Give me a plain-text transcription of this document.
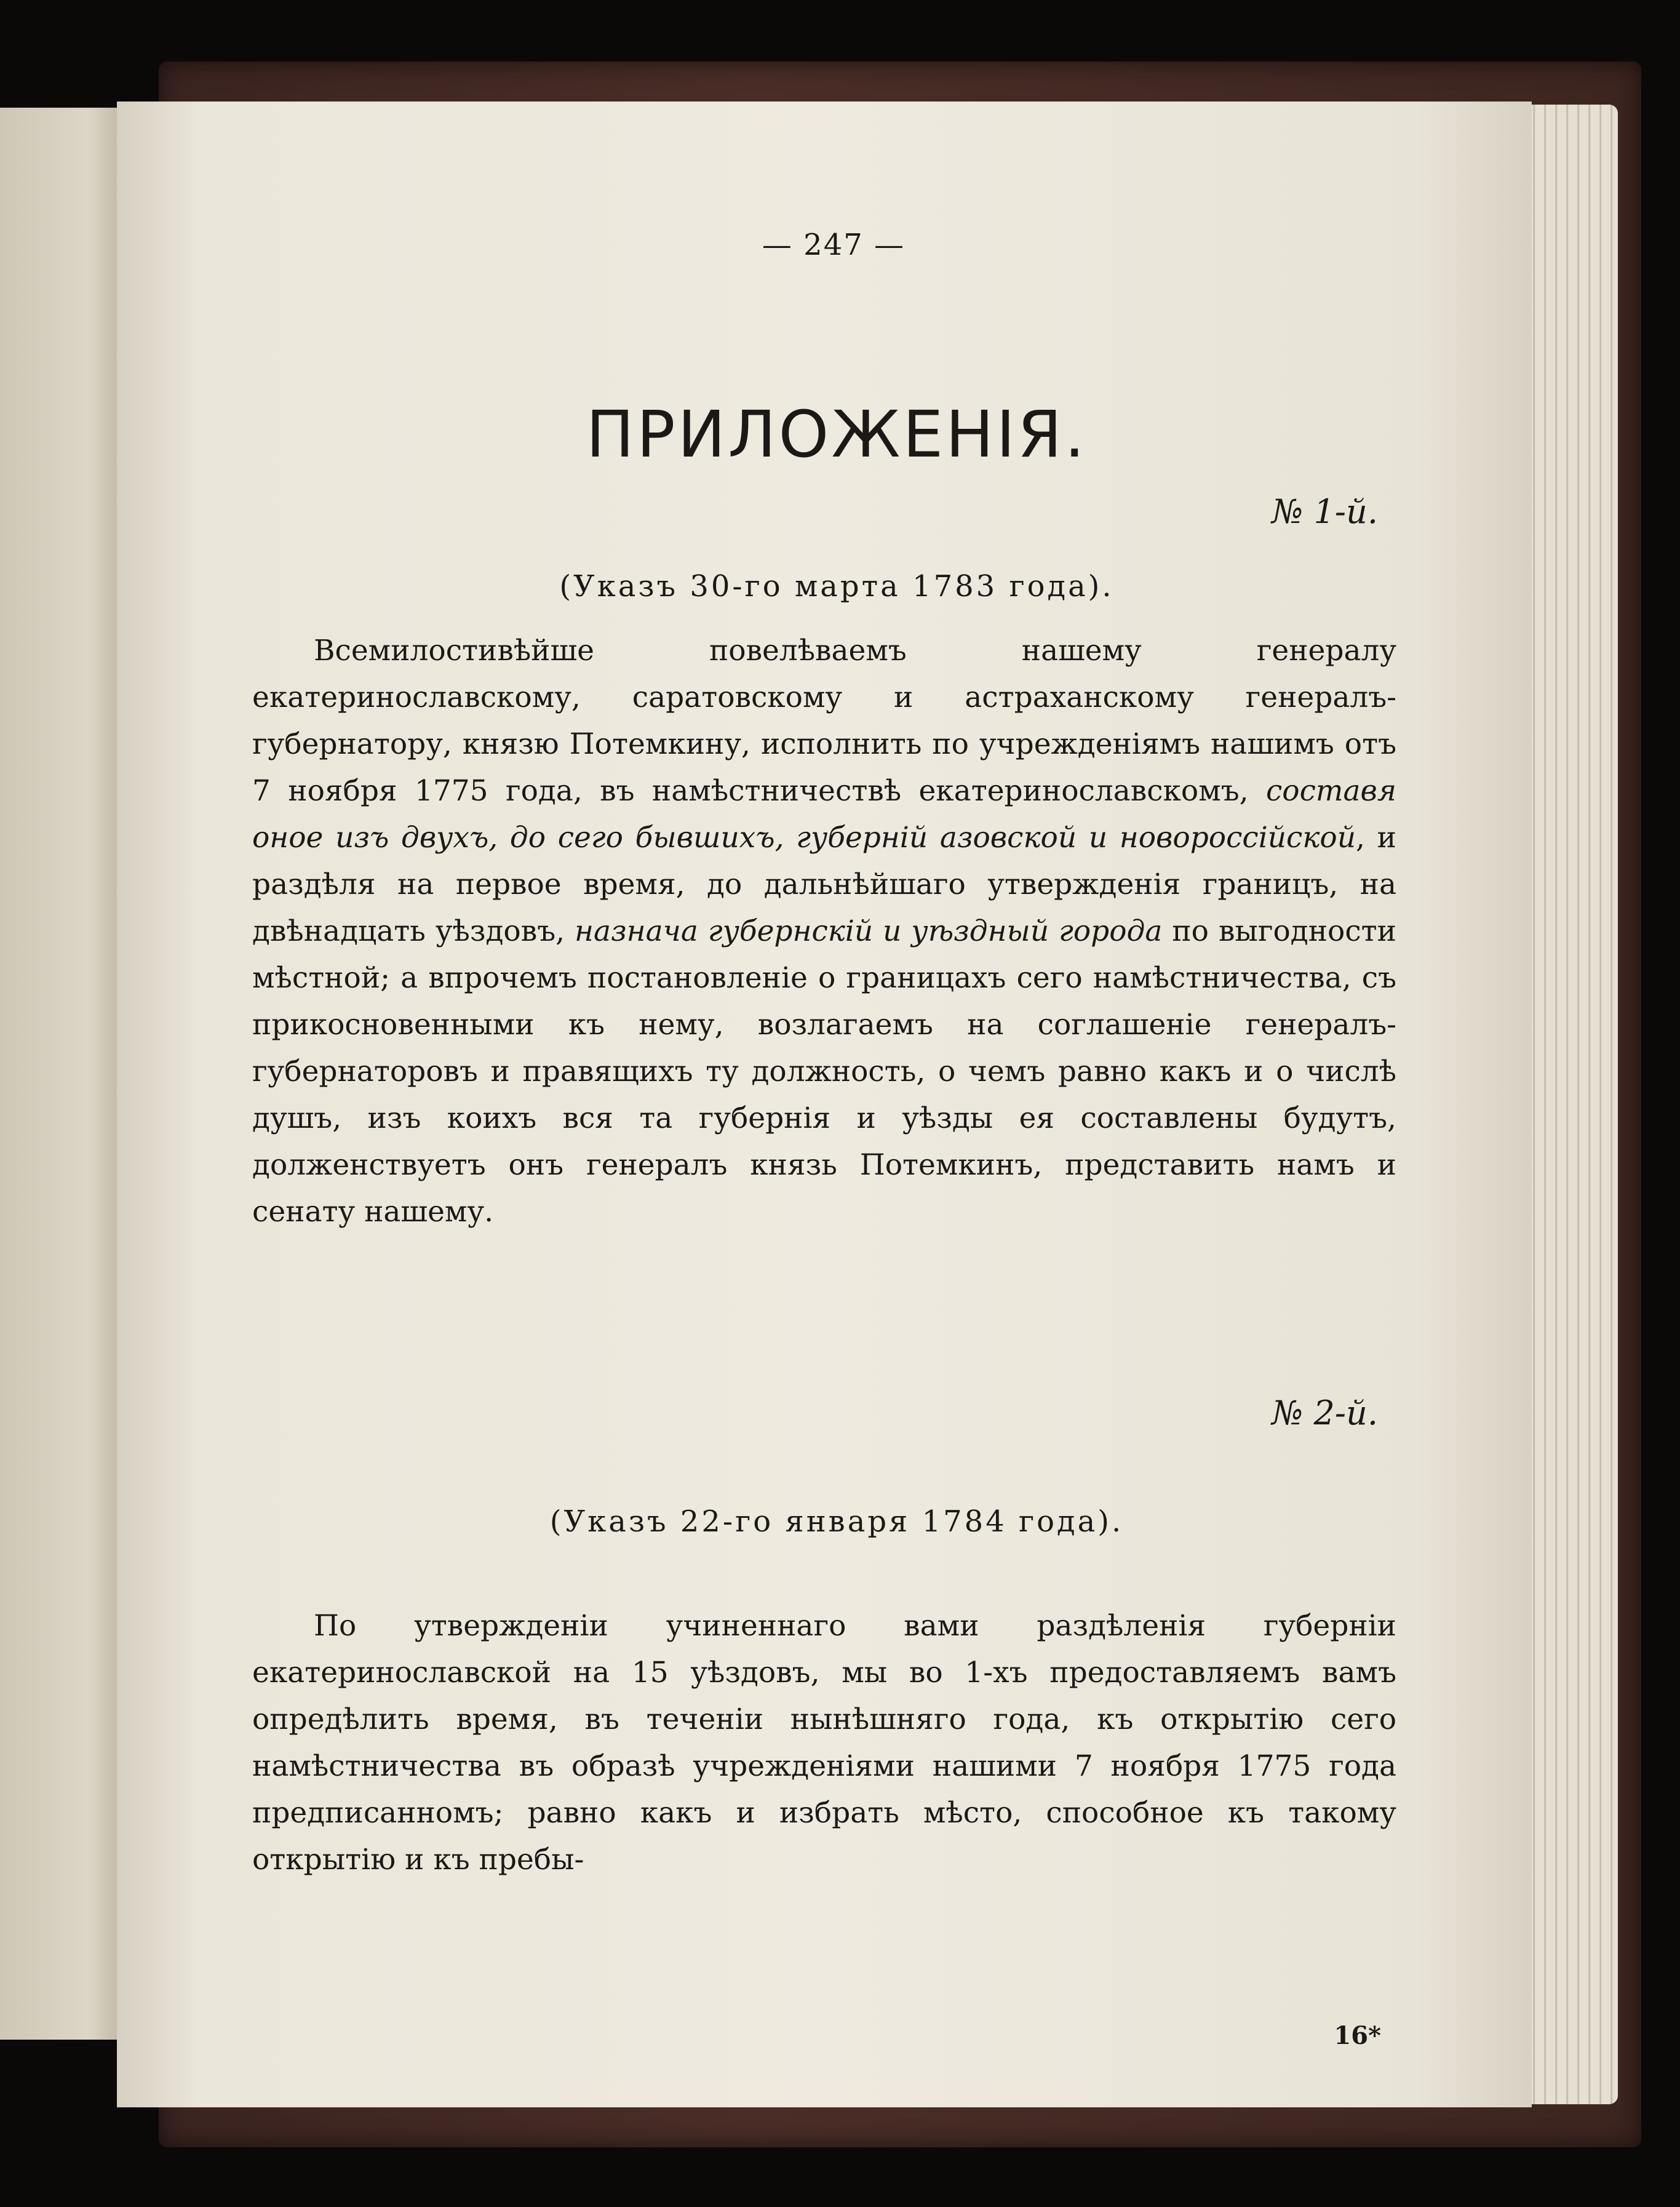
— 247 —
ПРИЛОЖЕНІЯ.
№ 1-й.
(Указъ 30-го марта 1783 года).

Всемилостивѣйше повелѣваемъ нашему генералу екатеринославскому, саратовскому и астраханскому генералъ-губернатору, князю Потемкину, исполнить по учрежденіямъ нашимъ отъ 7 ноября 1775 года, въ намѣстничествѣ екатеринославскомъ, составя оное изъ двухъ, до сего бывшихъ, губерній азовской и новороссійской, и раздѣля на первое время, до дальнѣйшаго утвержденія границъ, на двѣнадцать уѣздовъ, назнача губернскій и уѣздный города по выгодности мѣстной; а впрочемъ постановленіе о границахъ сего намѣстничества, съ прикосновенными къ нему, возлагаемъ на соглашеніе генералъ-губернаторовъ и правящихъ ту должность, о чемъ равно какъ и о числѣ душъ, изъ коихъ вся та губернія и уѣзды ея составлены будутъ, долженствуетъ онъ генералъ князь Потемкинъ, представить намъ и сенату нашему.

№ 2-й.
(Указъ 22-го января 1784 года).

По утвержденіи учиненнаго вами раздѣленія губерніи екатеринославской на 15 уѣздовъ, мы во 1-хъ предоставляемъ вамъ опредѣлить время, въ теченіи нынѣшняго года, къ открытію сего намѣстничества въ образѣ учрежденіями нашими 7 ноября 1775 года предписанномъ; равно какъ и избрать мѣсто, способное къ такому открытію и къ пребы-

16*
